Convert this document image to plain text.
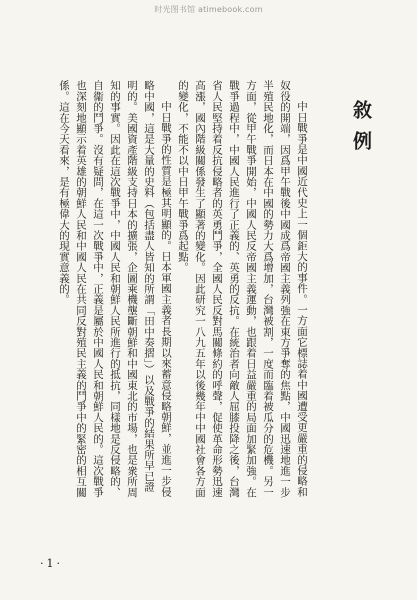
时光图书馆 atimebook.com
敘例

中日戰爭是中國近代史上一個鉅大的事件。一方面它標誌着中國遭受更嚴重的侵略和奴役的開端，因爲甲午戰後中國成爲帝國主義列強在東方爭奪的焦點，中國迅速地進一步半殖民地化，而日本在中國的勢力大爲增加，台灣被割，一度而臨着被瓜分的危機。另一方面，從甲午戰爭開始，中國人民反帝國主義運動，也跟着日益嚴重的局面加緊加強。在戰爭過程中，中國人民進行了正義的、英勇的反抗。在統治者向敵人屈膝投降之後，台灣省人民堅持着反抗侵略者的英勇鬥爭，全國人民反對馬關條約的呼聲，促使革命形勢迅速高漲，國內階級關係發生了顯著的變化。因此研究一八九五年以後幾年中中國社會各方面的變化，不能不以中日甲午戰爭爲起點。

中日戰爭的性質是極其明顯的。日本軍國主義者長期以來蓄意侵略朝鮮，並進一步侵略中國，這是大量的史料（包括盡人皆知的所謂「田中奏摺」）以及戰爭的結果所早已證明的。美國資產階級支持日本的擴張，企圖乘機壟斷朝鮮和中國東北的市場，也是衆所周知的事實。因此在這次戰爭中，中國人民和朝鮮人民所進行的抵抗，同樣地是反侵略的、自衞的鬥爭。沒有疑問，在這一次戰爭中，正義是屬於中國人民和朝鮮人民的。這次戰爭也深刻地顯示着英雄的朝鮮人民和中國人民在共同反對殖民主義的鬥爭中的緊密的相互關係。這在今天看來，是有極偉大的現實意義的。

·1·
